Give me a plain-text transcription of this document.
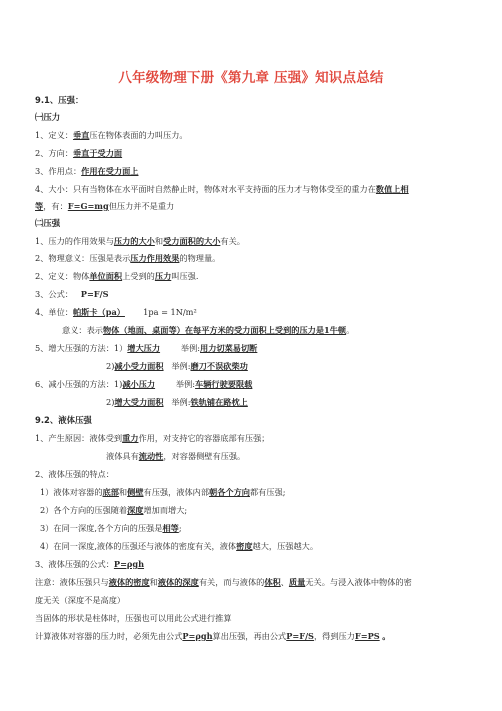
八年级物理下册《第九章 压强》知识点总结
9.1、压强：
㈠压力
1、定义：垂直压在物体表面的力叫压力。
2、方向：垂直于受力面
3、作用点：作用在受力面上
4、大小：只有当物体在水平面时自然静止时，物体对水平支持面的压力才与物体受至的重力在数值上相
等，有：F=G=mg但压力并不是重力
㈡压强
1、压力的作用效果与压力的大小和受力面积的大小有关。
2、物理意义：压强是表示压力作用效果的物理量。
2、定义：物体单位面积上受到的压力叫压强.
3、公式： P=F/S
4、单位：帕斯卡（pa） 1pa = 1N/m²
意义：表示物体（地面、桌面等）在每平方米的受力面积上受到的压力是1牛顿。
5、增大压强的方法：1）增大压力	举例:用力切菜易切断
2)减小受力面积 举例:磨刀不误砍柴功
6、减小压强的方法：1)减小压力	举例:车辆行驶要限载
2)增大受力面积 举例:铁轨铺在路枕上
9.2、液体压强
1、产生原因：液体受到重力作用，对支持它的容器底部有压强；
液体具有流动性，对容器侧壁有压强。
2、液体压强的特点：
1）液体对容器的底部和侧壁有压强，液体内部朝各个方向都有压强;
2）各个方向的压强随着深度增加而增大;
3）在同一深度,各个方向的压强是相等;
4）在同一深度,液体的压强还与液体的密度有关，液体密度越大，压强越大。
3、液体压强的公式：P=ρgh
注意：液体压强只与液体的密度和液体的深度有关，而与液体的体积、质量无关。与浸入液体中物体的密
度无关（深度不是高度）
当固体的形状是柱体时，压强也可以用此公式进行推算
计算液体对容器的压力时，必须先由公式P=ρgh算出压强，再由公式P=F/S，得到压力F=PS 。
